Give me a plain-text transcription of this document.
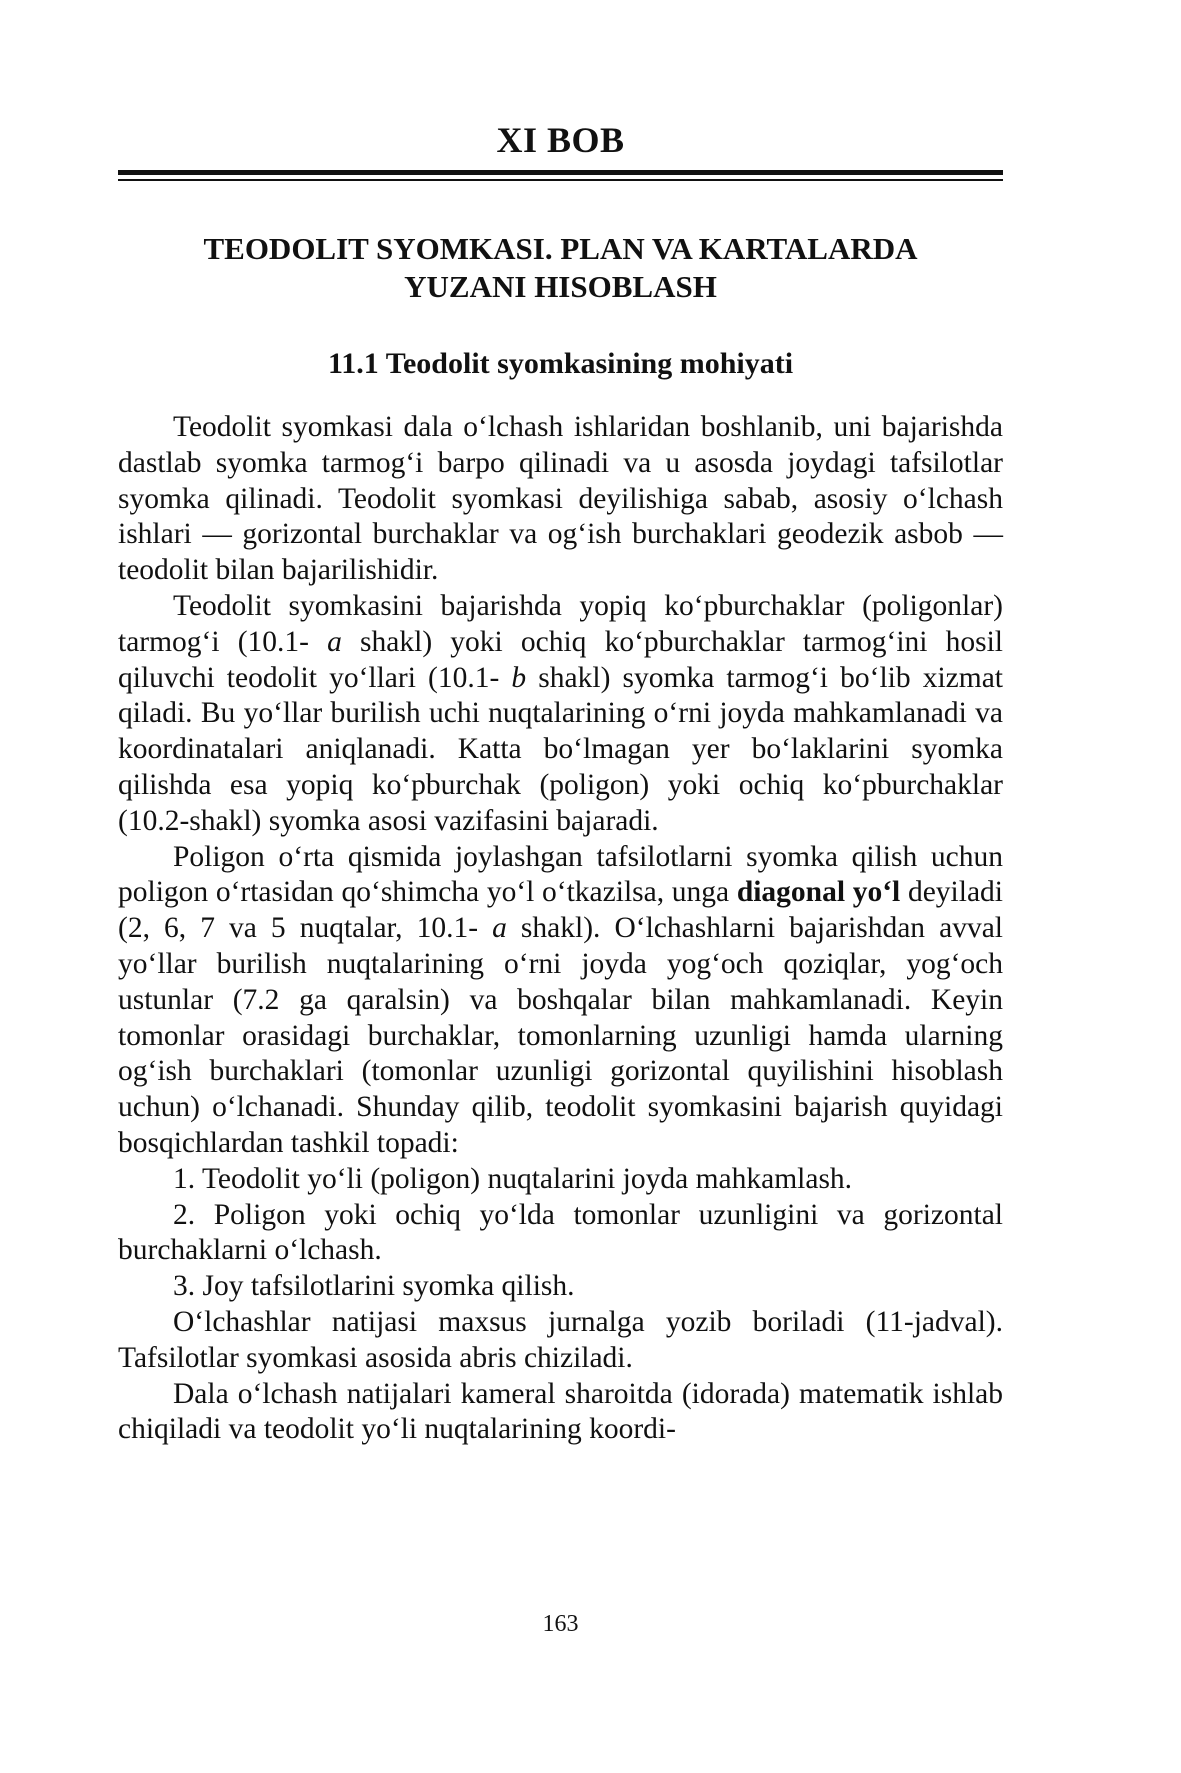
XI BOB
TEODOLIT SYOMKASI. PLAN VA KARTALARDA
YUZANI HISOBLASH
11.1 Teodolit syomkasining mohiyati

Teodolit syomkasi dala o‘lchash ishlaridan boshlanib, uni bajarishda dastlab syomka tarmog‘i barpo qilinadi va u asosda joydagi tafsilotlar syomka qilinadi. Teodolit syomkasi deyilishiga sabab, asosiy o‘lchash ishlari — gorizontal burchaklar va og‘ish burchaklari geodezik asbob — teodolit bilan bajarilishidir.

Teodolit syomkasini bajarishda yopiq ko‘pburchaklar (poligonlar) tarmog‘i (10.1- a shakl) yoki ochiq ko‘pburchaklar tarmog‘ini hosil qiluvchi teodolit yo‘llari (10.1- b shakl) syomka tarmog‘i bo‘lib xizmat qiladi. Bu yo‘llar burilish uchi nuqtalarining o‘rni joyda mahkamlanadi va koordinatalari aniqlanadi. Katta bo‘lmagan yer bo‘laklarini syomka qilishda esa yopiq ko‘pburchak (poligon) yoki ochiq ko‘pburchaklar (10.2-shakl) syomka asosi vazifasini bajaradi.

Poligon o‘rta qismida joylashgan tafsilotlarni syomka qilish uchun poligon o‘rtasidan qo‘shimcha yo‘l o‘tkazilsa, unga diagonal yo‘l deyiladi (2, 6, 7 va 5 nuqtalar, 10.1- a shakl). O‘lchashlarni bajarishdan avval yo‘llar burilish nuqtalarining o‘rni joyda yog‘och qoziqlar, yog‘och ustunlar (7.2 ga qaralsin) va boshqalar bilan mahkamlanadi. Keyin tomonlar orasidagi burchaklar, tomonlarning uzunligi hamda ularning og‘ish burchaklari (tomonlar uzunligi gorizontal quyilishini hisoblash uchun) o‘lchanadi. Shunday qilib, teodolit syomkasini bajarish quyidagi bosqichlardan tashkil topadi:

1. Teodolit yo‘li (poligon) nuqtalarini joyda mahkamlash.

2. Poligon yoki ochiq yo‘lda tomonlar uzunligini va gorizontal burchaklarni o‘lchash.

3. Joy tafsilotlarini syomka qilish.

O‘lchashlar natijasi maxsus jurnalga yozib boriladi (11-jadval). Tafsilotlar syomkasi asosida abris chiziladi.

Dala o‘lchash natijalari kameral sharoitda (idorada) matematik ishlab chiqiladi va teodolit yo‘li nuqtalarining koordi-

163
